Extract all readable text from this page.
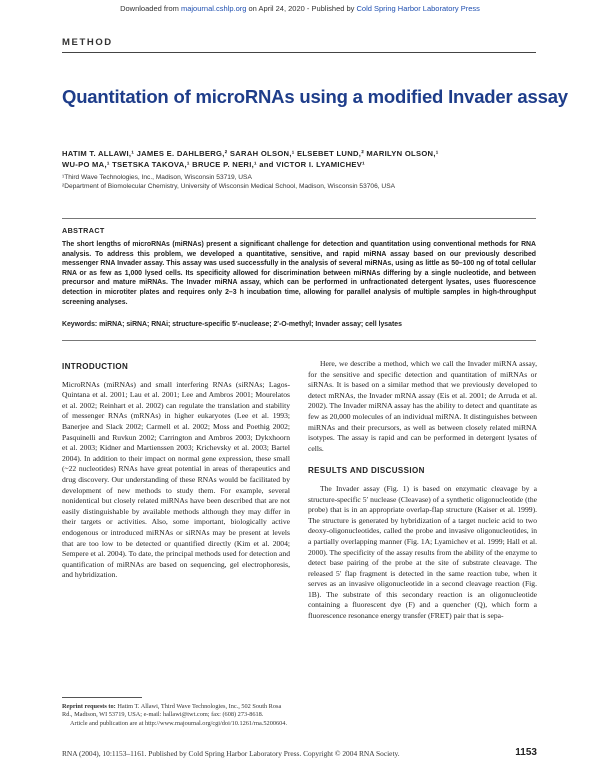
Downloaded from majournal.cshlp.org on April 24, 2020 - Published by Cold Spring Harbor Laboratory Press
METHOD
Quantitation of microRNAs using a modified Invader assay
HATIM T. ALLAWI,¹ JAMES E. DAHLBERG,² SARAH OLSON,¹ ELSEBET LUND,² MARILYN OLSON,¹
WU-PO MA,¹ TSETSKA TAKOVA,¹ BRUCE P. NERI,¹ and VICTOR I. LYAMICHEV¹
¹Third Wave Technologies, Inc., Madison, Wisconsin 53719, USA
²Department of Biomolecular Chemistry, University of Wisconsin Medical School, Madison, Wisconsin 53706, USA
ABSTRACT
The short lengths of microRNAs (miRNAs) present a significant challenge for detection and quantitation using conventional methods for RNA analysis. To address this problem, we developed a quantitative, sensitive, and rapid miRNA assay based on our previously described messenger RNA Invader assay. This assay was used successfully in the analysis of several miRNAs, using as little as 50–100 ng of total cellular RNA or as few as 1,000 lysed cells. Its specificity allowed for discrimination between miRNAs differing by a single nucleotide, and between precursor and mature miRNAs. The Invader miRNA assay, which can be performed in unfractionated detergent lysates, uses fluorescence detection in microtiter plates and requires only 2–3 h incubation time, allowing for parallel analysis of multiple samples in high-throughput screening analyses.
Keywords: miRNA; siRNA; RNAi; structure-specific 5′-nuclease; 2′-O-methyl; Invader assay; cell lysates
INTRODUCTION

MicroRNAs (miRNAs) and small interfering RNAs (siRNAs; Lagos-Quintana et al. 2001; Lau et al. 2001; Lee and Ambros 2001; Mourelatos et al. 2002; Reinhart et al. 2002) can regulate the translation and stability of messenger RNAs (mRNAs) in higher eukaryotes (Lee et al. 1993; Banerjee and Slack 2002; Carmell et al. 2002; Moss and Poethig 2002; Pasquinelli and Ruvkun 2002; Carrington and Ambros 2003; Dykxhoorn et al. 2003; Kidner and Martienssen 2003; Krichevsky et al. 2003; Bartel 2004). In addition to their impact on normal gene expression, these small (~22 nucleotides) RNAs have great potential in areas of therapeutics and drug discovery. Our understanding of these RNAs would be facilitated by development of new methods to study them. For example, several nonidentical but closely related miRNAs have been described that are not easily distinguishable by available methods although they may differ in their targets or activities. Also, some important, biologically active endogenous or introduced miRNAs or siRNAs may be present at levels that are too low to be detected or quantified directly (Kim et al. 2004; Sempere et al. 2004). To date, the principal methods used for detection and quantification of miRNAs are based on sequencing, gel electrophoresis, and hybridization.

Here, we describe a method, which we call the Invader miRNA assay, for the sensitive and specific detection and quantitation of miRNAs or siRNAs. It is based on a similar method that we previously developed to detect mRNAs, the Invader mRNA assay (Eis et al. 2001; de Arruda et al. 2002). The Invader miRNA assay has the ability to detect and quantitate as few as 20,000 molecules of an individual miRNA. It distinguishes between miRNAs and their precursors, as well as between closely related miRNA isotypes. The assay is rapid and can be performed in detergent lysates of cells.

RESULTS AND DISCUSSION

The Invader assay (Fig. 1) is based on enzymatic cleavage by a structure-specific 5′ nuclease (Cleavase) of a synthetic oligonucleotide (the probe) that is in an appropriate overlap-flap structure (Kaiser et al. 1999). The structure is generated by hybridization of a target nucleic acid to two deoxy-oligonucleotides, called the probe and invasive oligonucleotides, in a partially overlapping manner (Fig. 1A; Lyamichev et al. 1999; Hall et al. 2000). The specificity of the assay results from the ability of the enzyme to detect base pairing of the probe at the site of substrate cleavage. The released 5′ flap fragment is detected in the same reaction tube, when it serves as an invasive oligonucleotide in a second cleavage reaction (Fig. 1B). The substrate of this secondary reaction is an oligonucleotide containing a fluorescent dye (F) and a quencher (Q), which form a fluorescence resonance energy transfer (FRET) pair that is sepa-

Reprint requests to: Hatim T. Allawi, Third Wave Technologies, Inc., 502 South Rosa Rd., Madison, WI 53719, USA; e-mail: hallawi@twt.com; fax: (608) 273-8618.
Article and publication are at http://www.rnajournal.org/cgi/doi/10.1261/rna.5200604.
RNA (2004), 10:1153–1161. Published by Cold Spring Harbor Laboratory Press. Copyright © 2004 RNA Society.	1153
